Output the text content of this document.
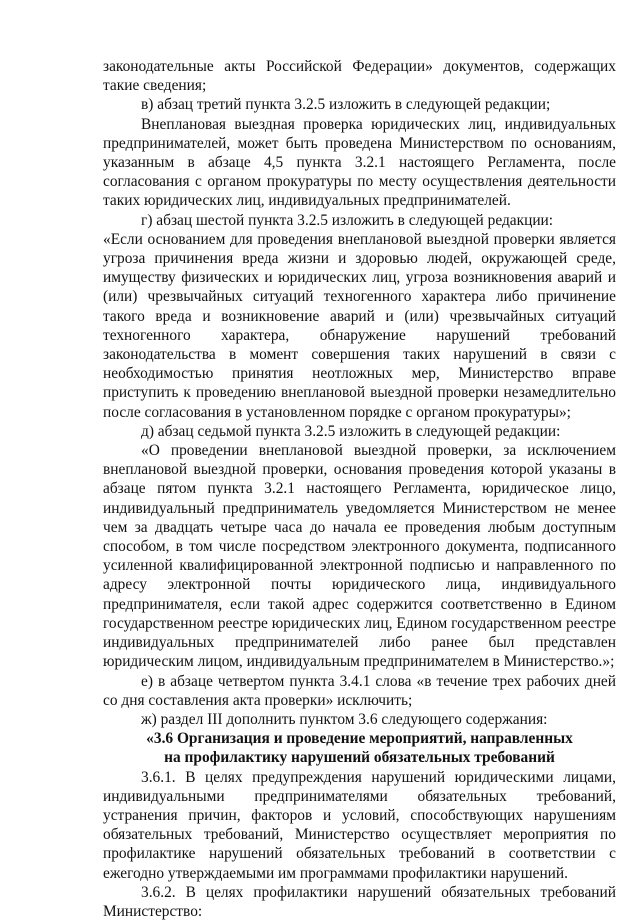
законодательные акты Российской Федерации» документов, содержащих такие сведения;

в) абзац третий пункта 3.2.5 изложить в следующей редакции;

Внеплановая выездная проверка юридических лиц, индивидуальных предпринимателей, может быть проведена Министерством по основаниям, указанным в абзаце 4,5 пункта 3.2.1 настоящего Регламента, после согласования с органом прокуратуры по месту осуществления деятельности таких юридических лиц, индивидуальных предпринимателей.

г) абзац шестой пункта 3.2.5 изложить в следующей редакции:

«Если основанием для проведения внеплановой выездной проверки является угроза причинения вреда жизни и здоровью людей, окружающей среде, имуществу физических и юридических лиц, угроза возникновения аварий и (или) чрезвычайных ситуаций техногенного характера либо причинение такого вреда и возникновение аварий и (или) чрезвычайных ситуаций техногенного характера, обнаружение нарушений требований законодательства в момент совершения таких нарушений в связи с необходимостью принятия неотложных мер, Министерство вправе приступить к проведению внеплановой выездной проверки незамедлительно после согласования в установленном порядке с органом прокуратуры»;

д) абзац седьмой пункта 3.2.5 изложить в следующей редакции:

«О проведении внеплановой выездной проверки, за исключением внеплановой выездной проверки, основания проведения которой указаны в абзаце пятом пункта 3.2.1 настоящего Регламента, юридическое лицо, индивидуальный предприниматель уведомляется Министерством не менее чем за двадцать четыре часа до начала ее проведения любым доступным способом, в том числе посредством электронного документа, подписанного усиленной квалифицированной электронной подписью и направленного по адресу электронной почты юридического лица, индивидуального предпринимателя, если такой адрес содержится соответственно в Едином государственном реестре юридических лиц, Едином государственном реестре индивидуальных предпринимателей либо ранее был представлен юридическим лицом, индивидуальным предпринимателем в Министерство.»;

е) в абзаце четвертом пункта 3.4.1 слова «в течение трех рабочих дней со дня составления акта проверки» исключить;

ж) раздел III дополнить пунктом 3.6 следующего содержания:

«3.6 Организация и проведение мероприятий, направленных

на профилактику нарушений обязательных требований

3.6.1. В целях предупреждения нарушений юридическими лицами, индивидуальными предпринимателями обязательных требований, устранения причин, факторов и условий, способствующих нарушениям обязательных требований, Министерство осуществляет мероприятия по профилактике нарушений обязательных требований в соответствии с ежегодно утверждаемыми им программами профилактики нарушений.

3.6.2. В целях профилактики нарушений обязательных требований Министерство:
